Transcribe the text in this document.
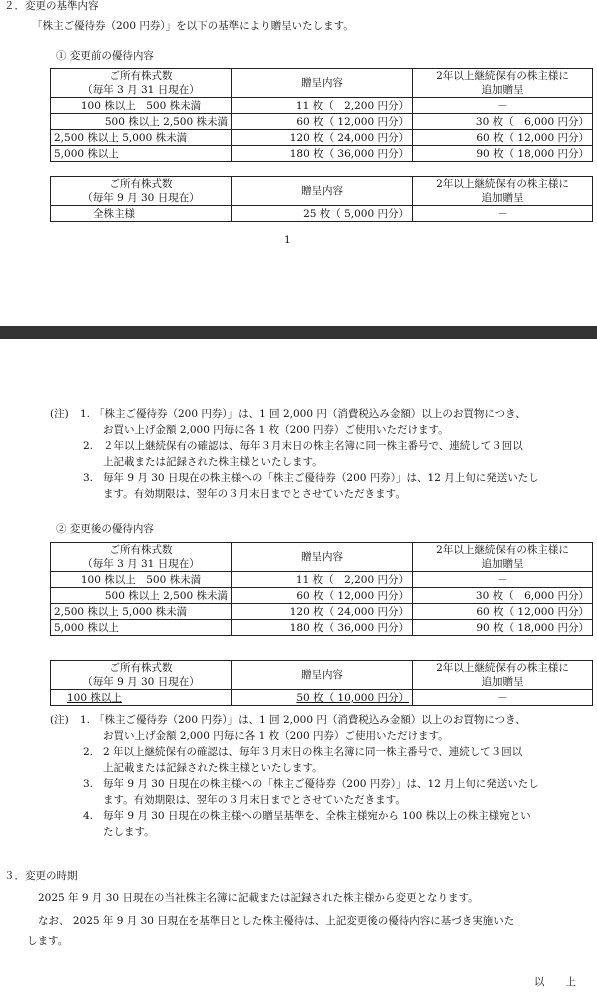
２．変更の基準内容
「株主ご優待券（200 円券）」を以下の基準により贈呈いたします。
① 変更前の優待内容
ご所有株式数
（毎年 3 月 31 日現在）	贈呈内容	2年以上継続保有の株主様に
追加贈呈
100 株以上　500 株未満	11 枚（　2,200 円分）	－
500 株以上 2,500 株未満	60 枚（ 12,000 円分）	30 枚（　6,000 円分）
2,500 株以上 5,000 株未満	120 枚（ 24,000 円分）	60 枚（ 12,000 円分）
5,000 株以上	180 枚（ 36,000 円分）	90 枚（ 18,000 円分）
ご所有株式数
（毎年 9 月 30 日現在）	贈呈内容	2年以上継続保有の株主様に
追加贈呈
全株主様	25 枚（ 5,000 円分）	－
1
(注) 1. 「株主ご優待券（200 円券）」は、1 回 2,000 円（消費税込み金額）以上のお買物につき、
お買い上げ金額 2,000 円毎に各 1 枚（200 円券）ご使用いただけます。
2. ２年以上継続保有の確認は、毎年３月末日の株主名簿に同一株主番号で、連続して３回以
上記載または記録された株主様といたします。
3. 毎年 9 月 30 日現在の株主様への「株主ご優待券（200 円券）」は、12 月上旬に発送いたし
ます。有効期限は、翌年の３月末日までとさせていただきます。
② 変更後の優待内容
ご所有株式数
（毎年 3 月 31 日現在）	贈呈内容	2年以上継続保有の株主様に
追加贈呈
100 株以上　500 株未満	11 枚（　2,200 円分）	－
500 株以上 2,500 株未満	60 枚（ 12,000 円分）	30 枚（　6,000 円分）
2,500 株以上 5,000 株未満	120 枚（ 24,000 円分）	60 枚（ 12,000 円分）
5,000 株以上	180 枚（ 36,000 円分）	90 枚（ 18,000 円分）
ご所有株式数
（毎年 9 月 30 日現在）	贈呈内容	2年以上継続保有の株主様に
追加贈呈
100 株以上	50 枚（ 10,000 円分）	－
(注) 1. 「株主ご優待券（200 円券）」は、1 回 2,000 円（消費税込み金額）以上のお買物につき、
お買い上げ金額 2,000 円毎に各 1 枚（200 円券）ご使用いただけます。
2. 2 年以上継続保有の確認は、毎年３月末日の株主名簿に同一株主番号で、連続して３回以
上記載または記録された株主様といたします。
3. 毎年 9 月 30 日現在の株主様への「株主ご優待券（200 円券）」は、12 月上旬に発送いたし
ます。有効期限は、翌年の３月末日までとさせていただきます。
4. 毎年 9 月 30 日現在の株主様への贈呈基準を、全株主様宛から 100 株以上の株主様宛とい
たします。
３．変更の時期
2025 年 9 月 30 日現在の当社株主名簿に記載または記録された株主様から変更となります。
なお、 2025 年 9 月 30 日現在を基準日とした株主優待は、上記変更後の優待内容に基づき実施いた
します。
以　　上
